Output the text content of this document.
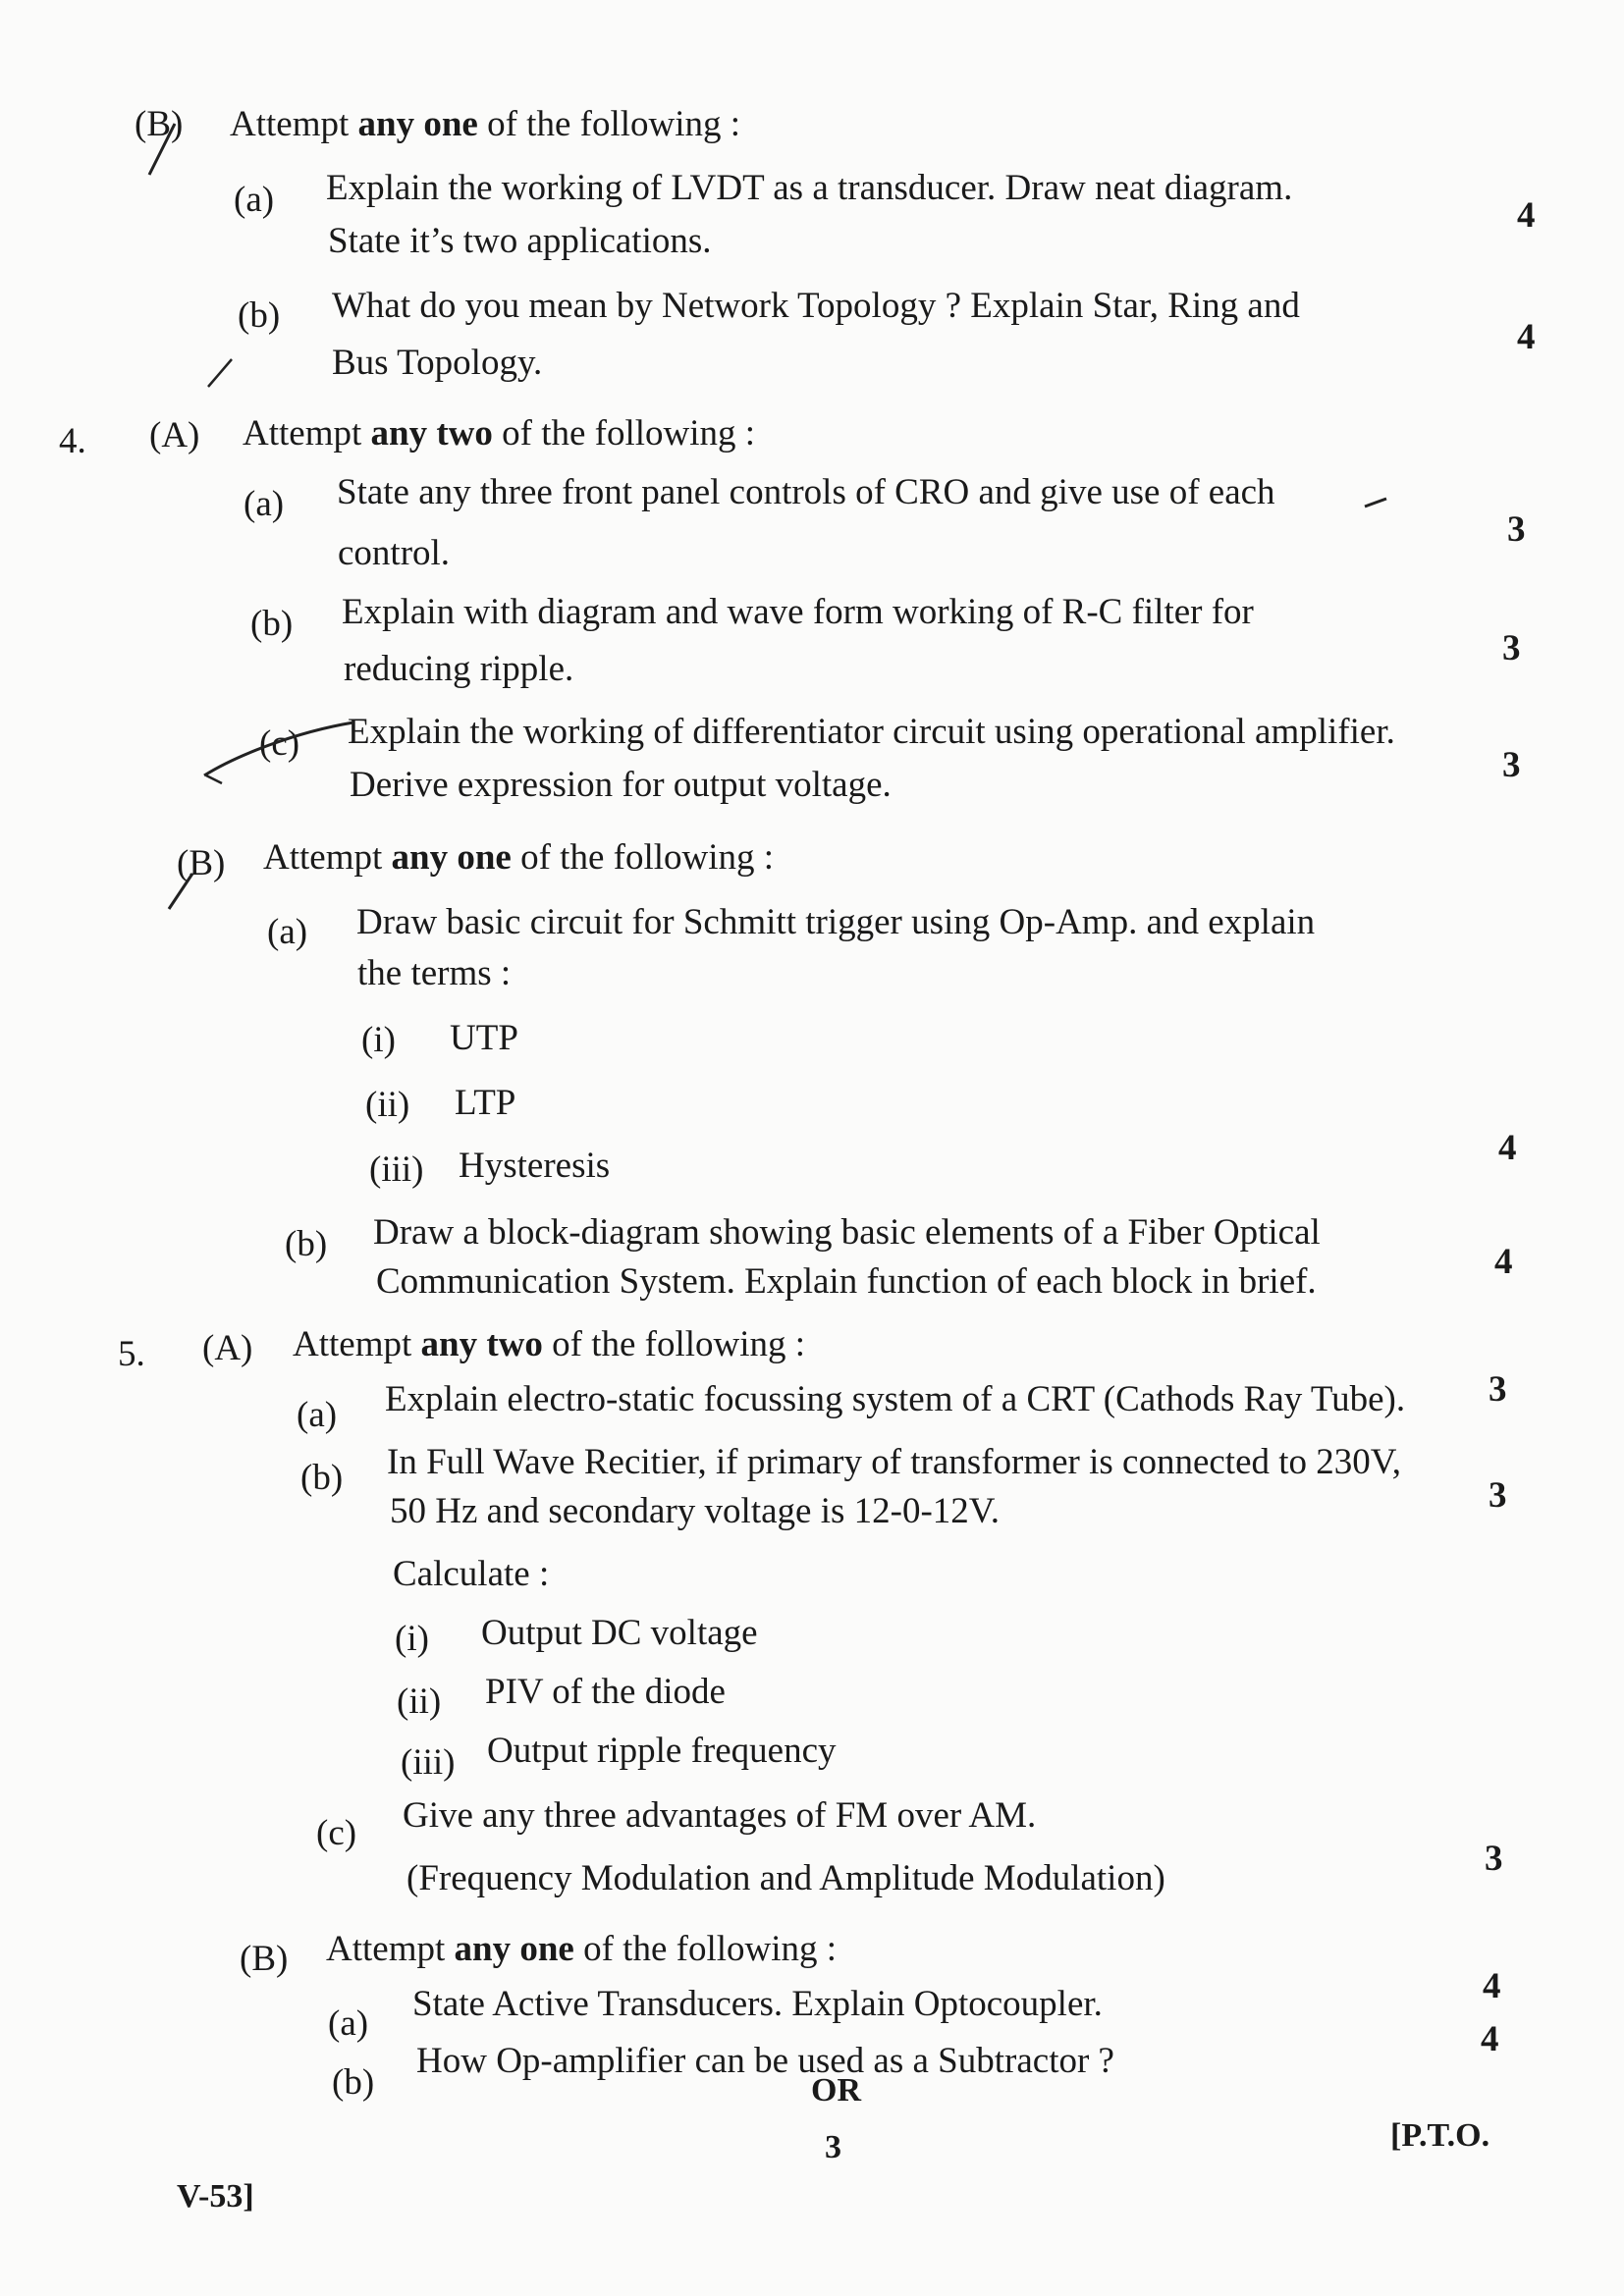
(B) Attempt any one of the following :
(a) Explain the working of LVDT as a transducer. Draw neat diagram.
State it’s two applications.
4
(b) What do you mean by Network Topology ? Explain Star, Ring and
Bus Topology.
4
4. (A) Attempt any two of the following :
(a) State any three front panel controls of CRO and give use of each
control.
3
(b) Explain with diagram and wave form working of R-C filter for
reducing ripple.
3
(c) Explain the working of differentiator circuit using operational amplifier.
Derive expression for output voltage.	3
(B) Attempt any one of the following :
(a) Draw basic circuit for Schmitt trigger using Op-Amp. and explain
the terms :
(i) UTP
(ii) LTP
(iii) Hysteresis	4
(b) Draw a block-diagram showing basic elements of a Fiber Optical
Communication System. Explain function of each block in brief.	4
5. (A) Attempt any two of the following :
(a) Explain electro-static focussing system of a CRT (Cathods Ray Tube). 3
(b) In Full Wave Recitier, if primary of transformer is connected to 230V,
50 Hz and secondary voltage is 12-0-12V.	3
Calculate :
(i) Output DC voltage
(ii) PIV of the diode
(iii) Output ripple frequency
(c) Give any three advantages of FM over AM.
(Frequency Modulation and Amplitude Modulation)	3
(B) Attempt any one of the following :
(a) State Active Transducers. Explain Optocoupler.	4
(b)
How Op-amplifier can be used as a Subtractor ?
4
OR
3	[P.T.O.
V-53]
